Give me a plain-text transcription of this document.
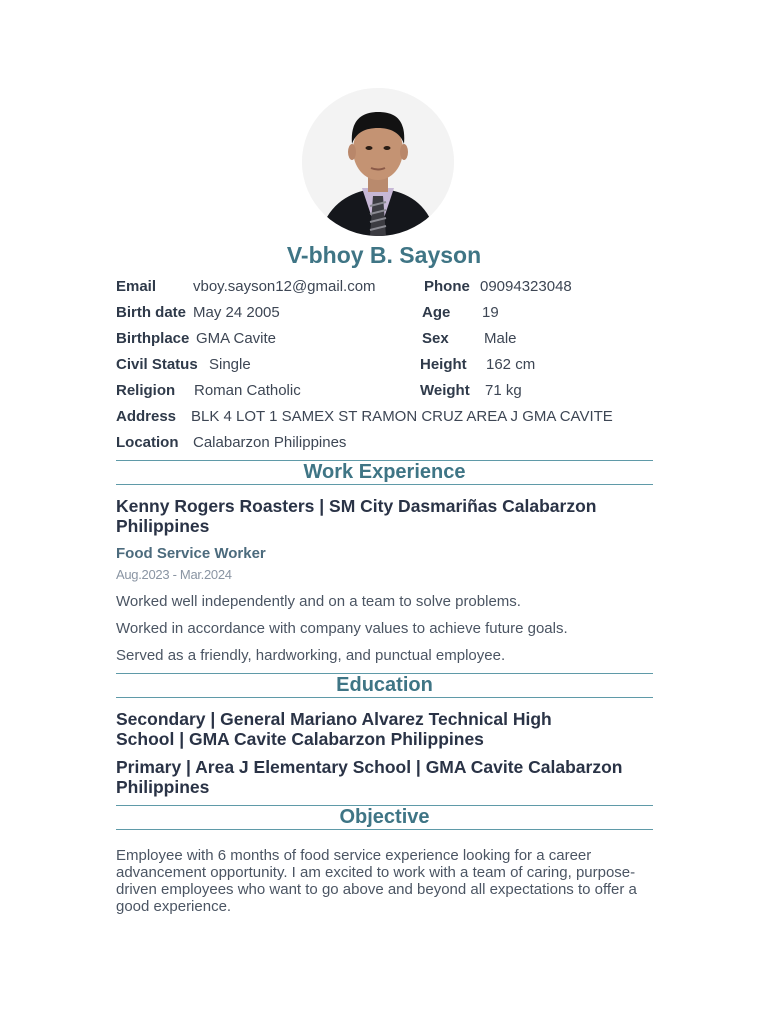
V-bhoy B. Sayson
Email vboy.sayson12@gmail.com	Phone 09094323048
Birth date May 24 2005	Age 19
Birthplace GMA Cavite	Sex Male
Civil Status Single	Height 162 cm
Religion Roman Catholic	Weight 71 kg
Address BLK 4 LOT 1 SAMEX ST RAMON CRUZ AREA J GMA CAVITE
Location Calabarzon Philippines
Work Experience

Kenny Rogers Roasters | SM City Dasmariñas Calabarzon Philippines

Food Service Worker

Aug.2023 - Mar.2024

Worked well independently and on a team to solve problems.

Worked in accordance with company values to achieve future goals.

Served as a friendly, hardworking, and punctual employee.

Education

Secondary | General Mariano Alvarez Technical High School | GMA Cavite Calabarzon Philippines

Primary | Area J Elementary School | GMA Cavite Calabarzon Philippines

Objective

Employee with 6 months of food service experience looking for a career advancement opportunity. I am excited to work with a team of caring, purpose-driven employees who want to go above and beyond all expectations to offer a good experience.
